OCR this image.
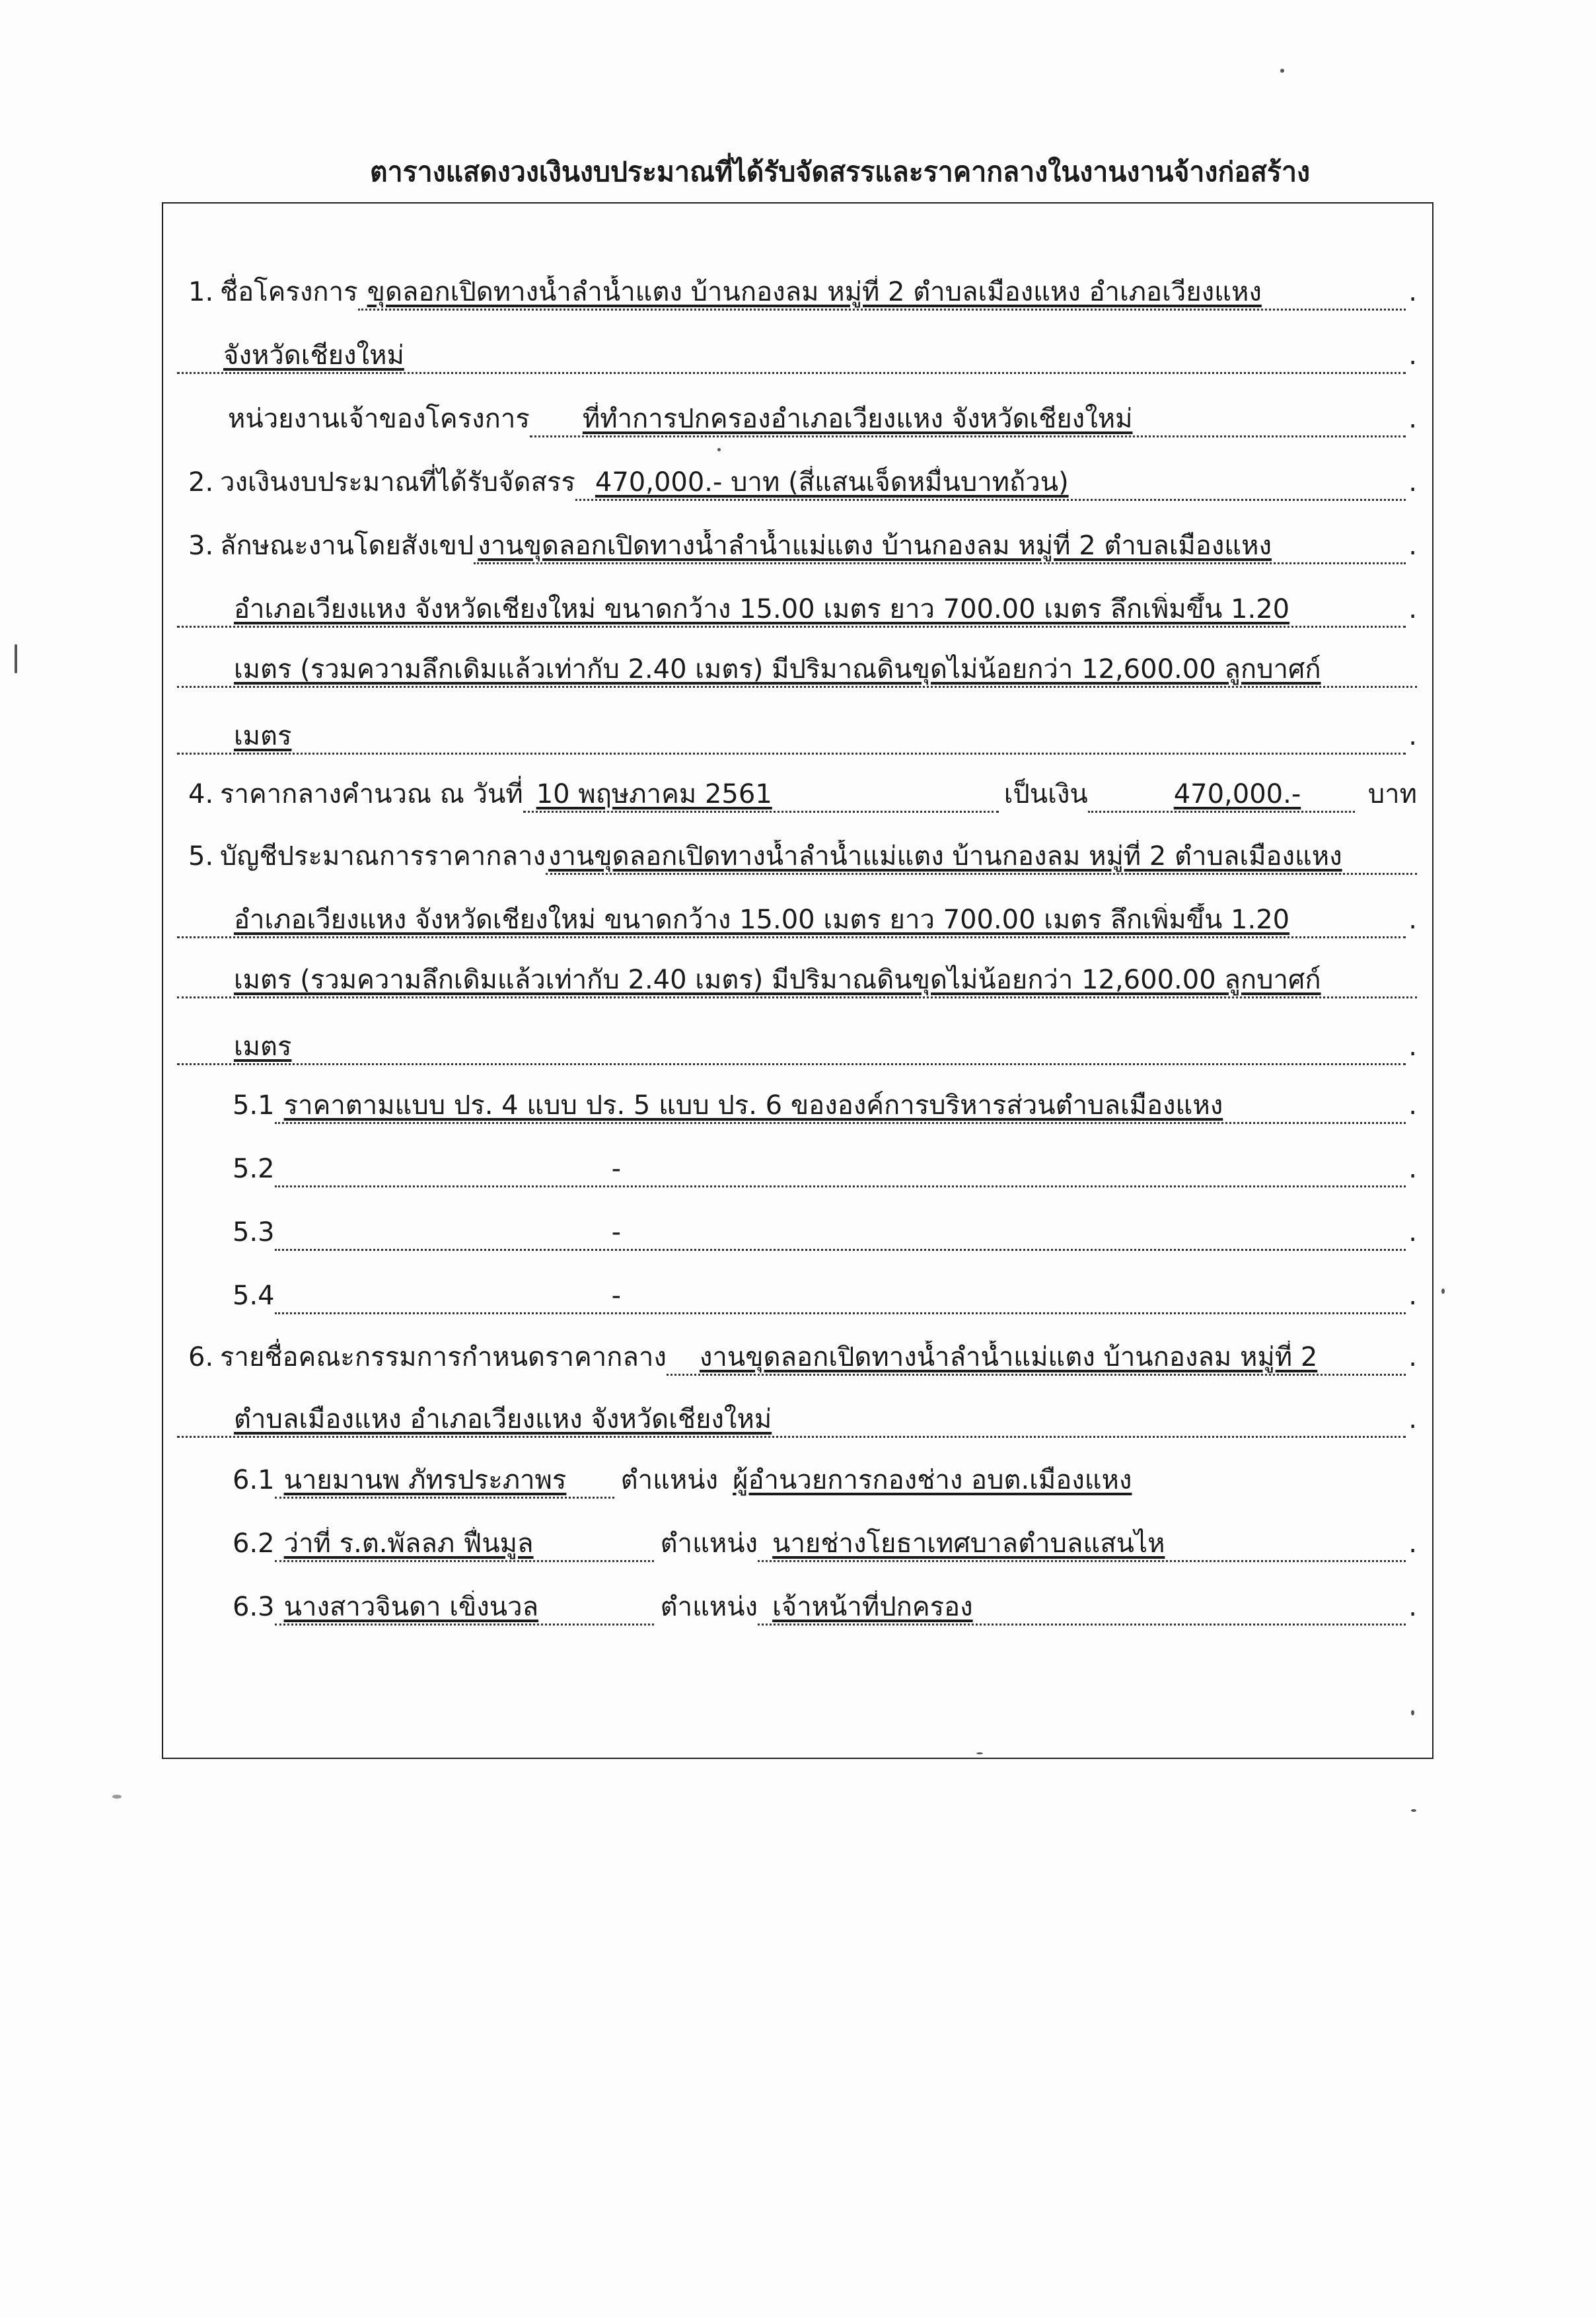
ตารางแสดงวงเงินงบประมาณที่ได้รับจัดสรรและราคากลางในงานงานจ้างก่อสร้าง
1. ชื่อโครงการ ขุดลอกเปิดทางน้ำลำน้ำแตง บ้านกองลม หมู่ที่ 2 ตำบลเมืองแหง อำเภอเวียงแหง	.
จังหวัดเชียงใหม่	.
หน่วยงานเจ้าของโครงการ	ที่ทำการปกครองอำเภอเวียงแหง จังหวัดเชียงใหม่	.
2. วงเงินงบประมาณที่ได้รับจัดสรร 470,000.- บาท (สี่แสนเจ็ดหมื่นบาทถ้วน)	.
3. ลักษณะงานโดยสังเขป งานขุดลอกเปิดทางน้ำลำน้ำแม่แตง บ้านกองลม หมู่ที่ 2 ตำบลเมืองแหง	.
อำเภอเวียงแหง จังหวัดเชียงใหม่ ขนาดกว้าง 15.00 เมตร ยาว 700.00 เมตร ลึกเพิ่มขึ้น 1.20	.
เมตร (รวมความลึกเดิมแล้วเท่ากับ 2.40 เมตร) มีปริมาณดินขุดไม่น้อยกว่า 12,600.00 ลูกบาศก์
เมตร	.
4. ราคากลางคำนวณ ณ วันที่ 10 พฤษภาคม 2561	เป็นเงิน	470,000.-	บาท
5. บัญชีประมาณการราคากลาง งานขุดลอกเปิดทางน้ำลำน้ำแม่แตง บ้านกองลม หมู่ที่ 2 ตำบลเมืองแหง
อำเภอเวียงแหง จังหวัดเชียงใหม่ ขนาดกว้าง 15.00 เมตร ยาว 700.00 เมตร ลึกเพิ่มขึ้น 1.20	.
เมตร (รวมความลึกเดิมแล้วเท่ากับ 2.40 เมตร) มีปริมาณดินขุดไม่น้อยกว่า 12,600.00 ลูกบาศก์
เมตร	.
5.1 ราคาตามแบบ ปร. 4 แบบ ปร. 5 แบบ ปร. 6 ขององค์การบริหารส่วนตำบลเมืองแหง	.
5.2	-	.
5.3	-	.
5.4	-	.
6. รายชื่อคณะกรรมการกำหนดราคากลาง	งานขุดลอกเปิดทางน้ำลำน้ำแม่แตง บ้านกองลม หมู่ที่ 2	.
ตำบลเมืองแหง อำเภอเวียงแหง จังหวัดเชียงใหม่	.
6.1 นายมานพ ภัทรประภาพร	ตำแหน่ง ผู้อำนวยการกองช่าง อบต.เมืองแหง
6.2 ว่าที่ ร.ต.พัลลภ ฟื่นมูล	ตำแหน่ง นายช่างโยธาเทศบาลตำบลแสนไห	.
6.3 นางสาวจินดา เขิ่งนวล	ตำแหน่ง เจ้าหน้าที่ปกครอง	.
